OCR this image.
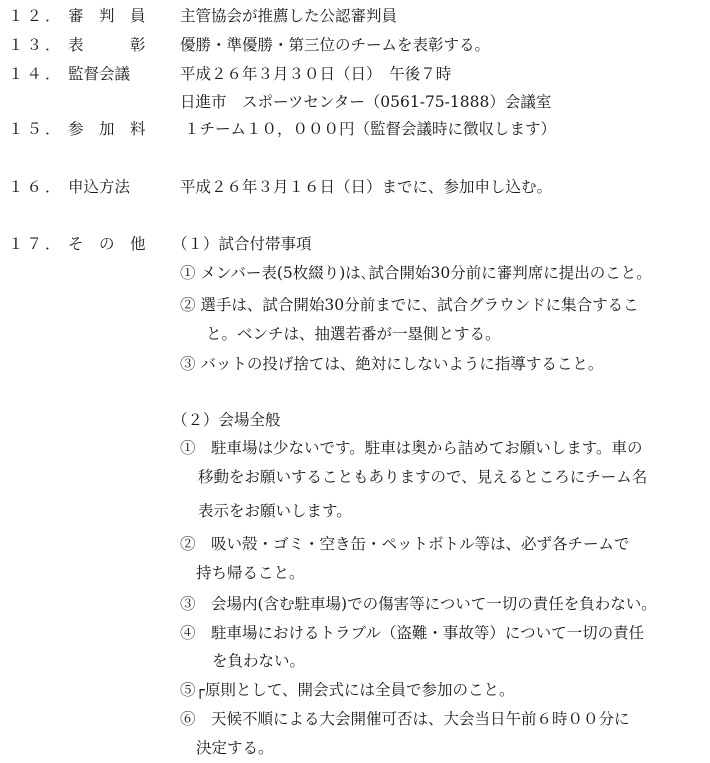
１２． 審　判　員 主管協会が推薦した公認審判員
１３． 表　　　彰 優勝・準優勝・第三位のチームを表彰する。
１４． 監督会議	平成２６年３月３０日（日）　午後７時
日進市　スポーツセンター（0561-75-1888）会議室
１５． 参　加　料 １チーム１０，０００円（監督会議時に徴収します）
１６． 申込方法	平成２６年３月１６日（日）までに、参加申し込む。
１７． そ　の　他 （１）試合付帯事項
① メンバー表(5枚綴り)は､試合開始30分前に審判席に提出のこと。
② 選手は、試合開始30分前までに、試合グラウンドに集合するこ
と。ベンチは、抽選若番が一塁側とする。
③ バットの投げ捨ては、絶対にしないように指導すること。
（２）会場全般
①　駐車場は少ないです。駐車は奥から詰めてお願いします。車の
移動をお願いすることもありますので、見えるところにチーム名
表示をお願いします。
②　吸い殻・ゴミ・空き缶・ペットボトル等は、必ず各チームで
持ち帰ること。
③　会場内(含む駐車場)での傷害等について一切の責任を負わない。
④　駐車場におけるトラブル（盗難・事故等）について一切の責任
を負わない。
⑤┌原則として、開会式には全員で参加のこと。
⑥　天候不順による大会開催可否は、大会当日午前６時００分に
決定する。
